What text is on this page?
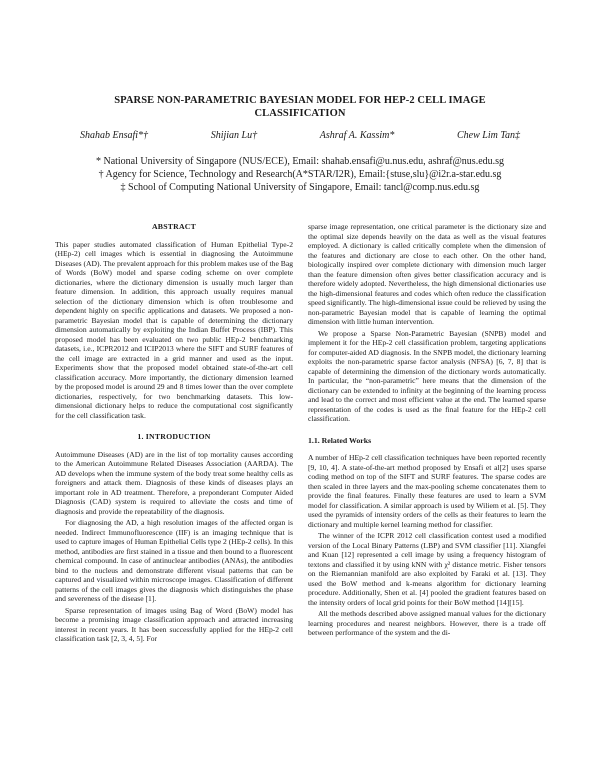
SPARSE NON-PARAMETRIC BAYESIAN MODEL FOR HEP-2 CELL IMAGE
CLASSIFICATION
Shahab Ensafi*†	Shijian Lu†	Ashraf A. Kassim*	Chew Lim Tan‡
* National University of Singapore (NUS/ECE), Email: shahab.ensafi@u.nus.edu, ashraf@nus.edu.sg
† Agency for Science, Technology and Research(A*STAR/I2R), Email:{stuse,slu}@i2r.a-star.edu.sg
‡ School of Computing National University of Singapore, Email: tancl@comp.nus.edu.sg
ABSTRACT

This paper studies automated classification of Human Epithelial Type-2 (HEp-2) cell images which is essential in diagnosing the Autoimmune Diseases (AD). The prevalent approach for this problem makes use of the Bag of Words (BoW) model and sparse coding scheme on over complete dictionaries, where the dictionary dimension is usually much larger than feature dimension. In addition, this approach usually requires manual selection of the dictionary dimension which is often troublesome and dependent highly on specific applications and datasets. We proposed a non-parametric Bayesian model that is capable of determining the dictionary dimension automatically by exploiting the Indian Buffet Process (IBP). This proposed model has been evaluated on two public HEp-2 benchmarking datasets, i.e., ICPR2012 and ICIP2013 where the SIFT and SURF features of the cell image are extracted in a grid manner and used as the input. Experiments show that the proposed model obtained state-of-the-art cell classification accuracy. More importantly, the dictionary dimension learned by the proposed model is around 29 and 8 times lower than the over complete dictionaries, respectively, for two benchmarking datasets. This low-dimensional dictionary helps to reduce the computational cost significantly for the cell classification task.

1. INTRODUCTION

Autoimmune Diseases (AD) are in the list of top mortality causes according to the American Autoimmune Related Diseases Association (AARDA). The AD develops when the immune system of the body treat some healthy cells as foreigners and attack them. Diagnosis of these kinds of diseases plays an important role in AD treatment. Therefore, a preponderant Computer Aided Diagnosis (CAD) system is required to alleviate the costs and time of diagnosis and provide the repeatability of the diagnosis.

For diagnosing the AD, a high resolution images of the affected organ is needed. Indirect Immunofluorescence (IIF) is an imaging technique that is used to capture images of Human Epithelial Cells type 2 (HEp-2 cells). In this method, antibodies are first stained in a tissue and then bound to a fluorescent chemical compound. In case of antinuclear antibodies (ANAs), the antibodies bind to the nucleus and demonstrate different visual patterns that can be captured and visualized within microscope images. Classification of different patterns of the cell images gives the diagnosis which distinguishes the phase and severeness of the disease [1].

Sparse representation of images using Bag of Word (BoW) model has become a promising image classification approach and attracted increasing interest in recent years. It has been successfully applied for the HEp-2 cell classification task [2, 3, 4, 5]. For

sparse image representation, one critical parameter is the dictionary size and the optimal size depends heavily on the data as well as the visual features employed. A dictionary is called critically complete when the dimension of the features and dictionary are close to each other. On the other hand, biologically inspired over complete dictionary with dimension much larger than the feature dimension often gives better classification accuracy and is therefore widely adopted. Nevertheless, the high dimensional dictionaries use the high-dimensional features and codes which often reduce the classification speed significantly. The high-dimensional issue could be relieved by using the non-parametric Bayesian model that is capable of learning the optimal dimension with little human intervention.

We propose a Sparse Non-Parametric Bayesian (SNPB) model and implement it for the HEp-2 cell classification problem, targeting applications for computer-aided AD diagnosis. In the SNPB model, the dictionary learning exploits the non-parametric sparse factor analysis (NFSA) [6, 7, 8] that is capable of determining the dimension of the dictionary words automatically. In particular, the “non-parametric” here means that the dimension of the dictionary can be extended to infinity at the beginning of the learning process and lead to the correct and most efficient value at the end. The learned sparse representation of the codes is used as the final feature for the HEp-2 cell classification.

1.1. Related Works

A number of HEp-2 cell classification techniques have been reported recently [9, 10, 4]. A state-of-the-art method proposed by Ensafi et al[2] uses sparse coding method on top of the SIFT and SURF features. The sparse codes are then scaled in three layers and the max-pooling scheme concatenates them to provide the final features. Finally these features are used to learn a SVM model for classification. A similar approach is used by Wiliem et al. [5]. They used the pyramids of intensity orders of the cells as their features to learn the dictionary and multiple kernel learning method for classifier.

The winner of the ICPR 2012 cell classification contest used a modified version of the Local Binary Patterns (LBP) and SVM classifier [11]. Xiangfei and Kuan [12] represented a cell image by using a frequency histogram of textons and classified it by using kNN with χ² distance metric. Fisher tensors on the Riemannian manifold are also exploited by Faraki et al. [13]. They used the BoW method and k-means algorithm for dictionary learning procedure. Additionally, Shen et al. [4] pooled the gradient features based on the intensity orders of local grid points for their BoW method [14][15].

All the methods described above assigned manual values for the dictionary learning procedures and nearest neighbors. However, there is a trade off between performance of the system and the di-
